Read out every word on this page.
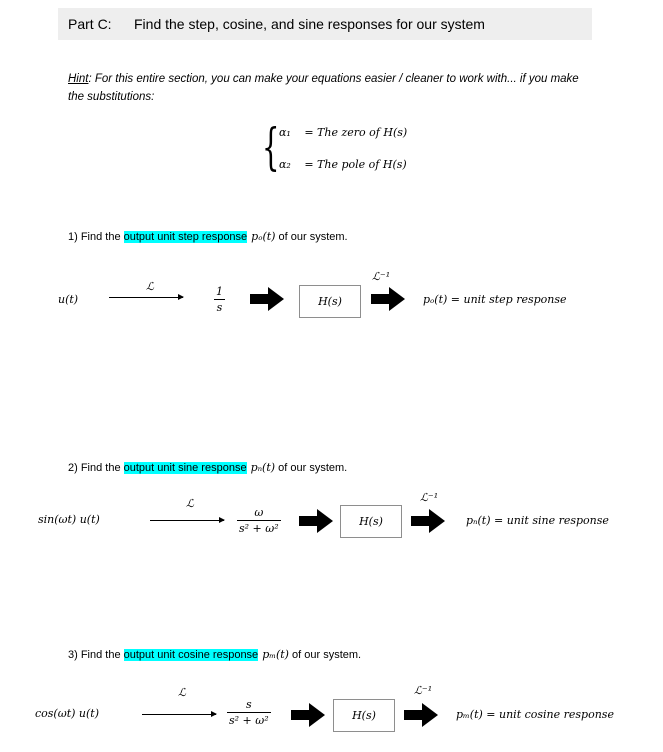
Part C: Find the step, cosine, and sine responses for our system
Hint: For this entire section, you can make your equations easier / cleaner to work with... if you make
the substitutions:
{ α₁ = The zero of H(s)
α₂ = The pole of H(s)
1) Find the output unit step response pₒ(t) of our system.
u(t)
ℒ	1
s	H(s)
ℒ⁻¹
pₒ(t) = unit step response
2) Find the output unit sine response pₙ(t) of our system.
sin(ωt) u(t)
ℒ
ω
s² + ω²
H(s)
ℒ⁻¹
pₙ(t) = unit sine response
3) Find the output unit cosine response pₘ(t) of our system.
cos(ωt) u(t)
ℒ
s
s² + ω²	H(s)
ℒ⁻¹
pₘ(t) = unit cosine response
